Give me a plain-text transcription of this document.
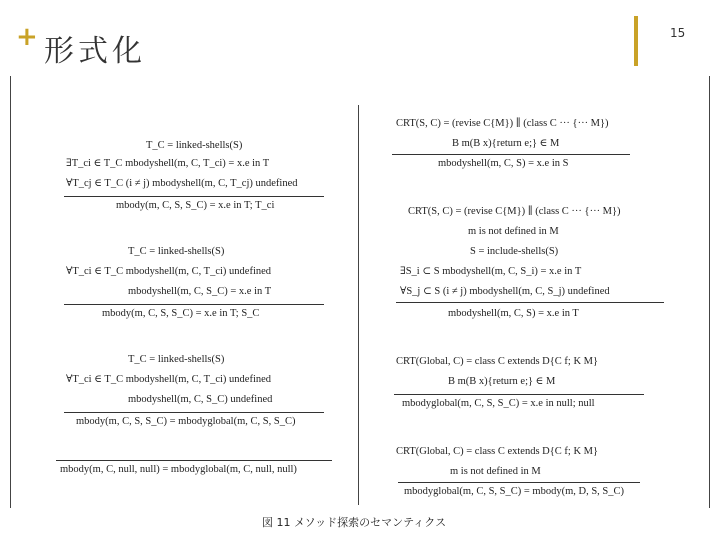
+ 形式化
15
T_C = linked-shells(S)
∃T_ci ∈ T_C mbodyshell(m, C, T_ci) = x.e in T
∀T_cj ∈ T_C (i ≠ j) mbodyshell(m, C, T_cj) undefined
mbody(m, C, S, S_C) = x.e in T; T_ci
T_C = linked-shells(S)
∀T_ci ∈ T_C mbodyshell(m, C, T_ci) undefined
mbodyshell(m, C, S_C) = x.e in T
mbody(m, C, S, S_C) = x.e in T; S_C
T_C = linked-shells(S)
∀T_ci ∈ T_C mbodyshell(m, C, T_ci) undefined
mbodyshell(m, C, S_C) undefined
mbody(m, C, S, S_C) = mbodyglobal(m, C, S, S_C)
mbody(m, C, null, null) = mbodyglobal(m, C, null, null)
CRT(S, C) = (revise C{M}) ∥ (class C ··· {··· M})
B m(B x){return e;} ∈ M
mbodyshell(m, C, S) = x.e in S
CRT(S, C) = (revise C{M}) ∥ (class C ··· {··· M})
m is not defined in M
S = include-shells(S)
∃S_i ⊂ S mbodyshell(m, C, S_i) = x.e in T
∀S_j ⊂ S (i ≠ j) mbodyshell(m, C, S_j) undefined
mbodyshell(m, C, S) = x.e in T
CRT(Global, C) = class C extends D{C f; K M}
B m(B x){return e;} ∈ M
mbodyglobal(m, C, S, S_C) = x.e in null; null
CRT(Global, C) = class C extends D{C f; K M}
m is not defined in M
mbodyglobal(m, C, S, S_C) = mbody(m, D, S, S_C)
図 11 メソッド探索のセマンティクス
